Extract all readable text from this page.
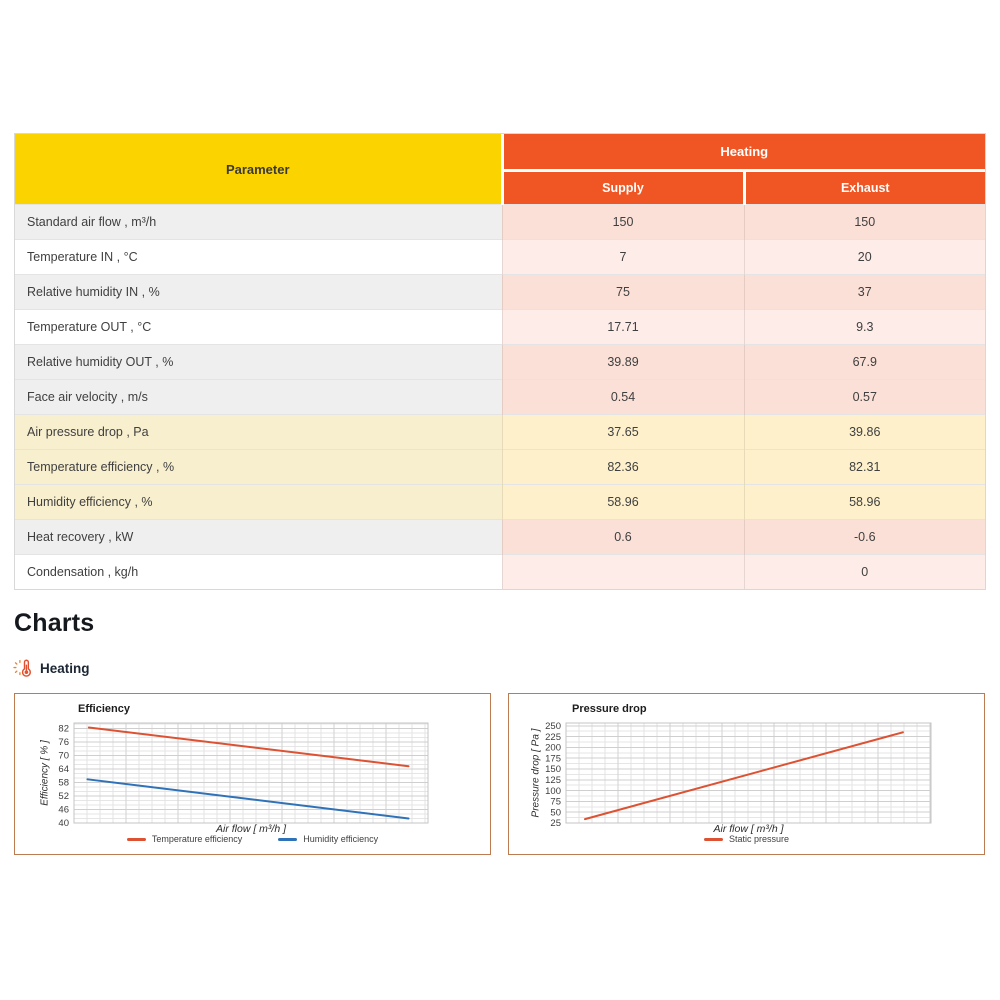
Parameter	Heating	
	Supply	Exhaust
Standard air flow , m³/h	150	150
Temperature IN , °C	7	20
Relative humidity IN , %	75	37
Temperature OUT , °C	17.71	9.3
Relative humidity OUT , %	39.89	67.9
Face air velocity , m/s	0.54	0.57
Air pressure drop , Pa	37.65	39.86
Temperature efficiency , %	82.36	82.31
Humidity efficiency , %	58.96	58.96
Heat recovery , kW	0.6	-0.6
Condensation , kg/h		0
Charts
Heating
40
46
52
58
64
70
76
82
Efficiency
Efficiency [ % ]
Air flow [ m³/h ]
Temperature efficiency	Humidity efficiency
25
50
75
100
125
150
175
200
225
250
Pressure drop
Pressure drop [ Pa ]
Air flow [ m³/h ]
Static pressure
